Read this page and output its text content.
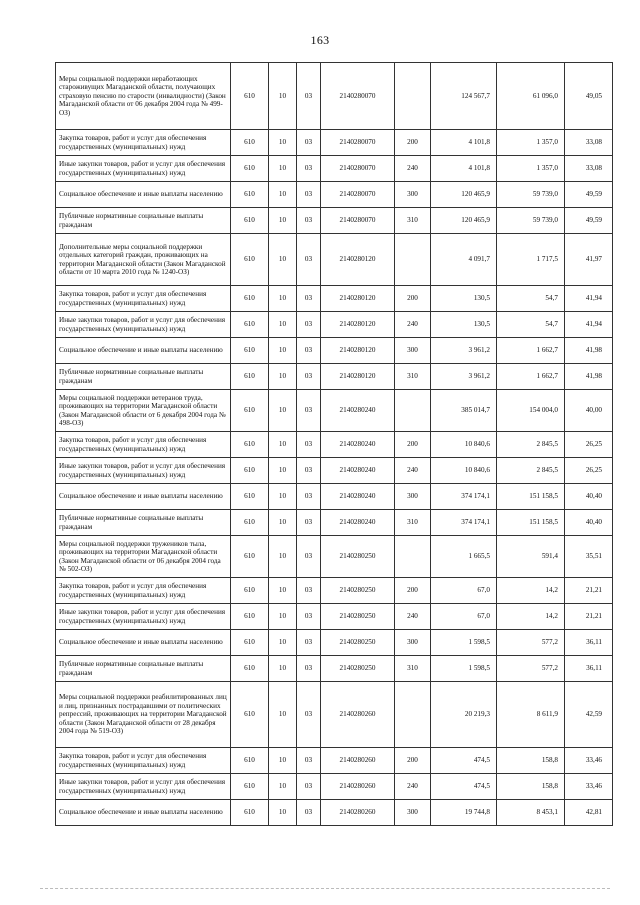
163
Меры социальной поддержки неработающих староживущих Магаданской области, получающих страховую пенсию по старости (инвалидности) (Закон Магаданской области от 06 декабря 2004 года № 499-ОЗ)	610	10	03	2140280070		124 567,7	61 096,0	49,05
Закупка товаров, работ и услуг для обеспечения государственных (муниципальных) нужд	610	10	03	2140280070	200	4 101,8	1 357,0	33,08
Иные закупки товаров, работ и услуг для обеспечения государственных (муниципальных) нужд	610	10	03	2140280070	240	4 101,8	1 357,0	33,08
Социальное обеспечение и иные выплаты населению	610	10	03	2140280070	300	120 465,9	59 739,0	49,59
Публичные нормативные социальные выплаты гражданам	610	10	03	2140280070	310	120 465,9	59 739,0	49,59
Дополнительные меры социальной поддержки отдельных категорий граждан, проживающих на территории Магаданской области (Закон Магаданской области от 10 марта 2010 года № 1240-ОЗ)	610	10	03	2140280120		4 091,7	1 717,5	41,97
Закупка товаров, работ и услуг для обеспечения государственных (муниципальных) нужд	610	10	03	2140280120	200	130,5	54,7	41,94
Иные закупки товаров, работ и услуг для обеспечения государственных (муниципальных) нужд	610	10	03	2140280120	240	130,5	54,7	41,94
Социальное обеспечение и иные выплаты населению	610	10	03	2140280120	300	3 961,2	1 662,7	41,98
Публичные нормативные социальные выплаты гражданам	610	10	03	2140280120	310	3 961,2	1 662,7	41,98
Меры социальной поддержки ветеранов труда, проживающих на территории Магаданской области (Закон Магаданской области от 6 декабря 2004 года № 498-ОЗ)	610	10	03	2140280240		385 014,7	154 004,0	40,00
Закупка товаров, работ и услуг для обеспечения государственных (муниципальных) нужд	610	10	03	2140280240	200	10 840,6	2 845,5	26,25
Иные закупки товаров, работ и услуг для обеспечения государственных (муниципальных) нужд	610	10	03	2140280240	240	10 840,6	2 845,5	26,25
Социальное обеспечение и иные выплаты населению	610	10	03	2140280240	300	374 174,1	151 158,5	40,40
Публичные нормативные социальные выплаты гражданам	610	10	03	2140280240	310	374 174,1	151 158,5	40,40
Меры социальной поддержки тружеников тыла, проживающих на территории Магаданской области (Закон Магаданской области от 06 декабря 2004 года № 502-ОЗ)	610	10	03	2140280250		1 665,5	591,4	35,51
Закупка товаров, работ и услуг для обеспечения государственных (муниципальных) нужд	610	10	03	2140280250	200	67,0	14,2	21,21
Иные закупки товаров, работ и услуг для обеспечения государственных (муниципальных) нужд	610	10	03	2140280250	240	67,0	14,2	21,21
Социальное обеспечение и иные выплаты населению	610	10	03	2140280250	300	1 598,5	577,2	36,11
Публичные нормативные социальные выплаты гражданам	610	10	03	2140280250	310	1 598,5	577,2	36,11
Меры социальной поддержки реабилитированных лиц и лиц, признанных пострадавшими от политических репрессий, проживающих на территории Магаданской области (Закон Магаданской области от 28 декабря 2004 года № 519-ОЗ)	610	10	03	2140280260		20 219,3	8 611,9	42,59
Закупка товаров, работ и услуг для обеспечения государственных (муниципальных) нужд	610	10	03	2140280260	200	474,5	158,8	33,46
Иные закупки товаров, работ и услуг для обеспечения государственных (муниципальных) нужд	610	10	03	2140280260	240	474,5	158,8	33,46
Социальное обеспечение и иные выплаты населению	610	10	03	2140280260	300	19 744,8	8 453,1	42,81
